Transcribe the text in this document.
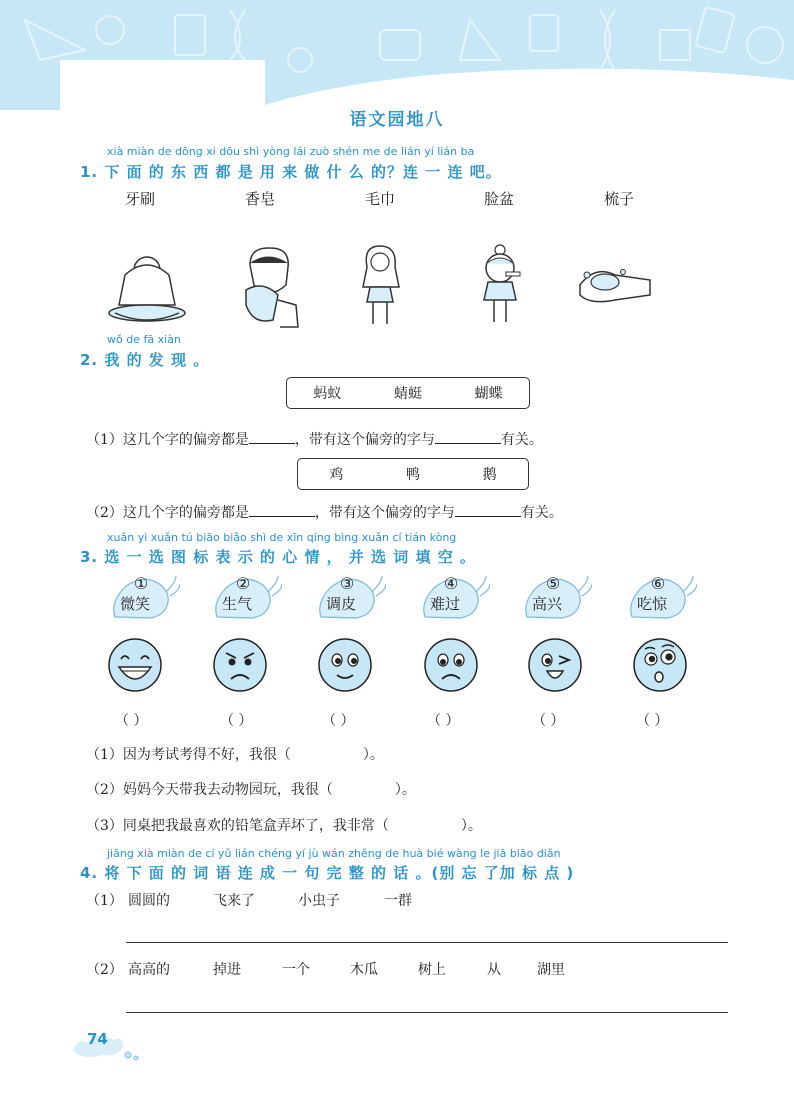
语文园地八
xià miàn de dōng xi dōu shì yòng lái zuò shén me de lián yi lián ba
1. 下 面 的 东 西 都 是 用 来 做 什 么 的？连 一 连 吧。
牙刷	香皂	毛巾	脸盆	梳子
wǒ de fā xiàn
2. 我 的 发 现 。
蚂蚁	蜻蜓	蝴蝶
（1）这几个字的偏旁都是	，带有这个偏旁的字与	有关。
鸡	鸭	鹅
（2）这几个字的偏旁都是	，带有这个偏旁的字与	有关。
xuǎn yi xuǎn tú biāo biǎo shì de xīn qíng bìng xuǎn cí tián kòng
3. 选 一 选 图 标 表 示 的 心 情 ， 并 选 词 填 空 。
①
微笑
②
生气
③
调皮
④
难过
⑤
高兴
⑥
吃惊
（ ）	（ ）	（ ）	（ ）	（ ）	（ ）
（1）因为考试考得不好，我很（	）。
（2）妈妈今天带我去动物园玩，我很（	）。
（3）同桌把我最喜欢的铅笔盒弄坏了，我非常（	）。
jiāng xià miàn de cí yǔ lián chéng yí jù wán zhěng de huà bié wàng le jiā biāo diǎn
4. 将 下 面 的 词 语 连 成 一 句 完 整 的 话 。(别 忘 了加 标 点 )
（1） 圆圆的	飞来了	小虫子	一群
（2） 高高的	掉进	一个	木瓜	树上	从	湖里
74
